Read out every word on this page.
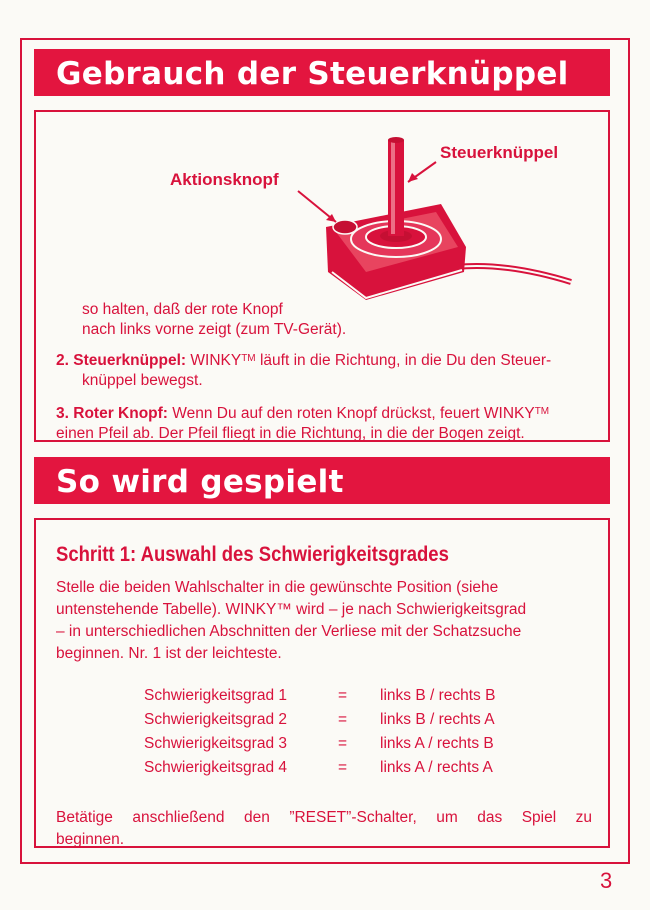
Gebrauch der Steuerknüppel
Steuerknüppel
Aktionsknopf
so halten, daß der rote Knopf
nach links vorne zeigt (zum TV-Gerät).
2. Steuerknüppel: WINKY™ läuft in die Richtung, in die Du den Steuer-
knüppel bewegst.
3. Roter Knopf: Wenn Du auf den roten Knopf drückst, feuert WINKY™
einen Pfeil ab. Der Pfeil fliegt in die Richtung, in die der Bogen zeigt.
So wird gespielt
Schritt 1: Auswahl des Schwierigkeitsgrades
Stelle die beiden Wahlschalter in die gewünschte Position (siehe
untenstehende Tabelle). WINKY™ wird – je nach Schwierigkeitsgrad
– in unterschiedlichen Abschnitten der Verliese mit der Schatzsuche
beginnen. Nr. 1 ist der leichteste.
Schwierigkeitsgrad 1	=	links B / rechts B
Schwierigkeitsgrad 2	=	links B / rechts A
Schwierigkeitsgrad 3	=	links A / rechts B
Schwierigkeitsgrad 4	=	links A / rechts A
Betätige anschließend den ”RESET”-Schalter, um das Spiel zu
beginnen.
3
